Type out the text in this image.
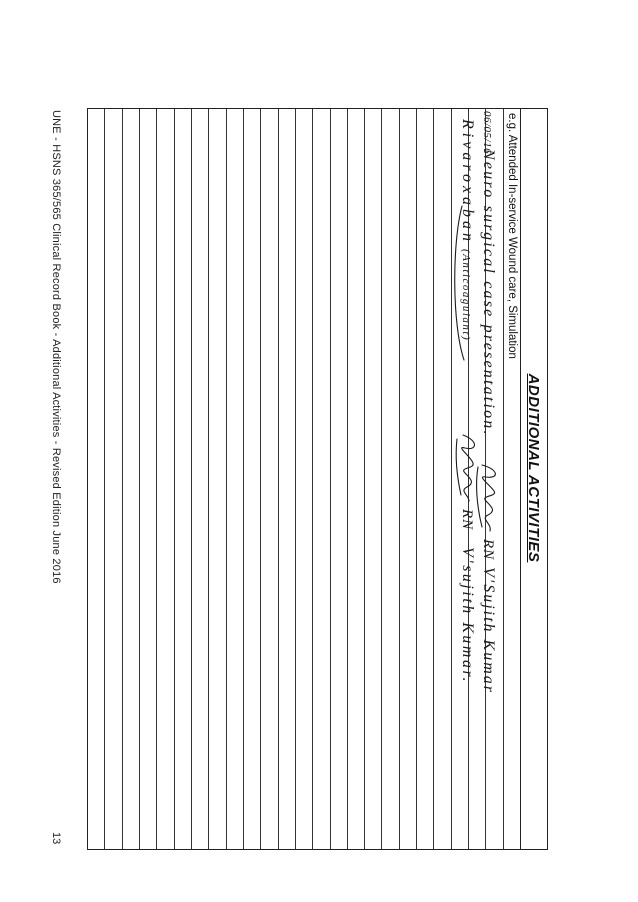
ADDITIONAL ACTIVITIES
e.g. Attended In-service Wound care, Simulation
06/05/16
Neuro surgical case presentation.
RN
V'Sujith Kumar
Rivaroxaban
(Anticoagulant)
RN
V'sujith Kumar.
UNE - HSNS 365/565 Clinical Record Book - Additional Activities - Revised Edition June 2016
13
